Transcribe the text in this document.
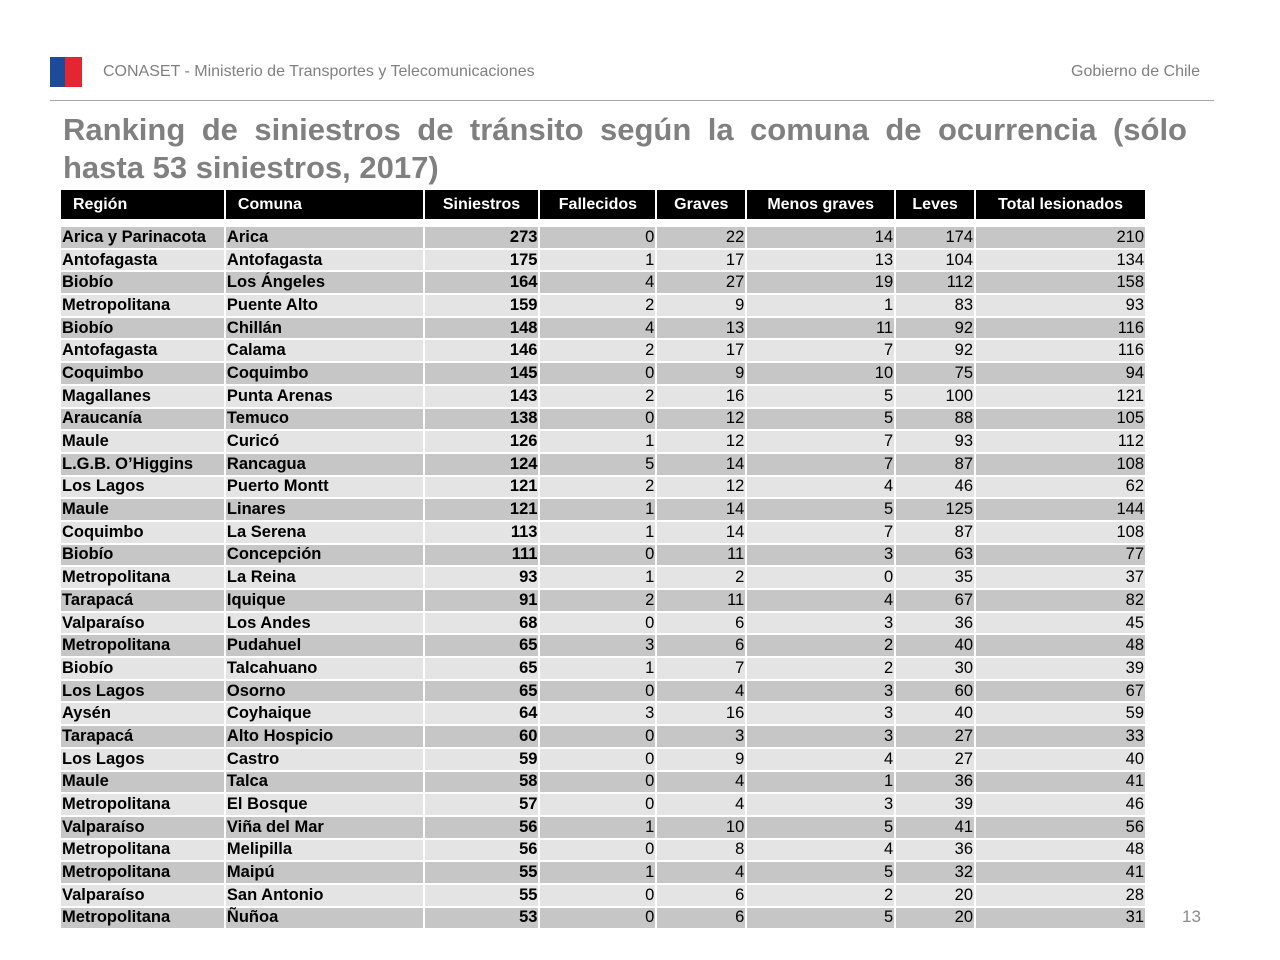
CONASET - Ministerio de Transportes y Telecomunicaciones	Gobierno de Chile
Ranking de siniestros de tránsito según la comuna de ocurrencia (sólo hasta 53 siniestros, 2017)
Región	Comuna	Siniestros	Fallecidos	Graves	Menos graves	Leves	Total lesionados

Arica y Parinacota	Arica	273	0	22	14	174	210
Antofagasta	Antofagasta	175	1	17	13	104	134
Biobío	Los Ángeles	164	4	27	19	112	158
Metropolitana	Puente Alto	159	2	9	1	83	93
Biobío	Chillán	148	4	13	11	92	116
Antofagasta	Calama	146	2	17	7	92	116
Coquimbo	Coquimbo	145	0	9	10	75	94
Magallanes	Punta Arenas	143	2	16	5	100	121
Araucanía	Temuco	138	0	12	5	88	105
Maule	Curicó	126	1	12	7	93	112
L.G.B. O’Higgins	Rancagua	124	5	14	7	87	108
Los Lagos	Puerto Montt	121	2	12	4	46	62
Maule	Linares	121	1	14	5	125	144
Coquimbo	La Serena	113	1	14	7	87	108
Biobío	Concepción	111	0	11	3	63	77
Metropolitana	La Reina	93	1	2	0	35	37
Tarapacá	Iquique	91	2	11	4	67	82
Valparaíso	Los Andes	68	0	6	3	36	45
Metropolitana	Pudahuel	65	3	6	2	40	48
Biobío	Talcahuano	65	1	7	2	30	39
Los Lagos	Osorno	65	0	4	3	60	67
Aysén	Coyhaique	64	3	16	3	40	59
Tarapacá	Alto Hospicio	60	0	3	3	27	33
Los Lagos	Castro	59	0	9	4	27	40
Maule	Talca	58	0	4	1	36	41
Metropolitana	El Bosque	57	0	4	3	39	46
Valparaíso	Viña del Mar	56	1	10	5	41	56
Metropolitana	Melipilla	56	0	8	4	36	48
Metropolitana	Maipú	55	1	4	5	32	41
Valparaíso	San Antonio	55	0	6	2	20	28
Metropolitana	Ñuñoa	53	0	6	5	20	31 13
